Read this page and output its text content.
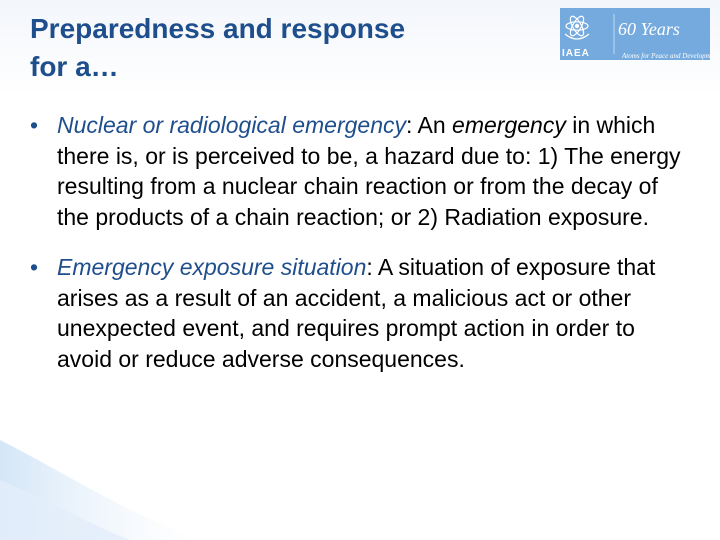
Preparedness and response
for a…	IAEA
60 Years
Atoms for Peace and Development
• Nuclear or radiological emergency: An emergency in which there is, or is perceived to be, a hazard due to: 1) The energy resulting from a nuclear chain reaction or from the decay of the products of a chain reaction; or 2) Radiation exposure.
• Emergency exposure situation: A situation of exposure that arises as a result of an accident, a malicious act or other unexpected event, and requires prompt action in order to avoid or reduce adverse consequences.
